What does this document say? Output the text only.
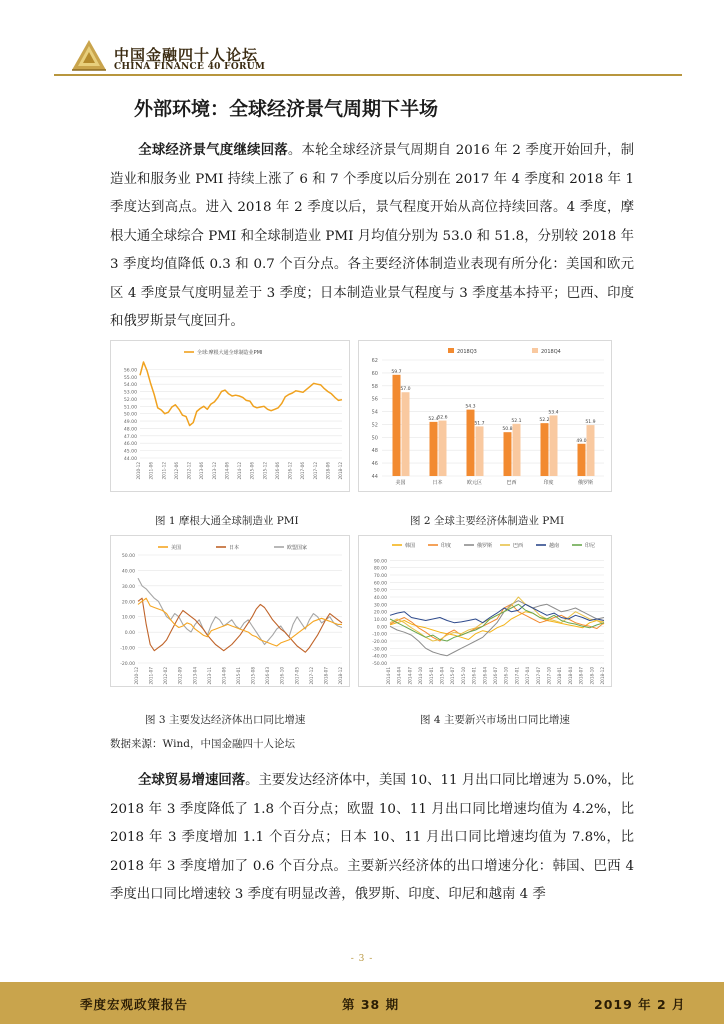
中国金融四十人论坛
CHINA FINANCE 40 FORUM
外部环境：全球经济景气周期下半场
全球经济景气度继续回落。本轮全球经济景气周期自 2016 年 2 季度开始回升，制造业和服务业 PMI 持续上涨了 6 和 7 个季度以后分别在 2017 年 4 季度和 2018 年 1 季度达到高点。进入 2018 年 2 季度以后，景气程度开始从高位持续回落。4 季度，摩根大通全球综合 PMI 和全球制造业 PMI 月均值分别为 53.0 和 51.8，分别较 2018 年 3 季度均值降低 0.3 和 0.7 个百分点。各主要经济体制造业表现有所分化：美国和欧元区 4 季度景气度明显差于 3 季度；日本制造业景气程度与 3 季度基本持平；巴西、印度和俄罗斯景气度回升。
56.00
55.00
54.00
53.00
52.00
51.00
50.00
49.00
48.00
47.00
46.00
45.00
44.00
2010-12 2011-06 2011-12 2012-06 2012-12 2013-06 2013-12 2014-06 2014-12 2015-06 2015-12 2016-06 2016-12 2017-06 2017-12 2018-06 2018-12
全球:摩根大通全球制造业PMI
62
60
58
56
54
52
50
48
46
44
2018Q3	2018Q4
59.7
57.0
美国
52.4
52.6
日本
54.3
51.7
欧元区
50.8
52.1
巴西
52.2
53.4
印度
49.0
51.9
俄罗斯
图 1 摩根大通全球制造业 PMI	图 2 全球主要经济体制造业 PMI
50.00
40.00
30.00
20.00
10.00
0.00
-10.00
-20.00
2010-12 2011-07 2012-02 2012-09 2013-04 2013-11 2014-06 2015-01 2015-08 2016-03 2016-10 2017-05 2017-12 2018-07 2018-12
美国	日本	欧盟国家
90.00
80.00
70.00
60.00
50.00
40.00
30.00
20.00
10.00
0.00
-10.00
-20.00
-30.00
-40.00
-50.00
2014-01 2014-04 2014-07 2014-10 2015-01 2015-04 2015-07 2015-10 2016-01 2016-04 2016-07 2016-10 2017-01 2017-04 2017-07 2017-10 2018-01 2018-04 2018-07 2018-10 2018-12
韩国	印度	俄罗斯	巴西	越南	印尼
图 3 主要发达经济体出口同比增速	图 4 主要新兴市场出口同比增速
数据来源：Wind，中国金融四十人论坛
全球贸易增速回落。主要发达经济体中，美国 10、11 月出口同比增速为 5.0%，比 2018 年 3 季度降低了 1.8 个百分点；欧盟 10、11 月出口同比增速均值为 4.2%，比 2018 年 3 季度增加 1.1 个百分点；日本 10、11 月出口同比增速均值为 7.8%，比 2018 年 3 季度增加了 0.6 个百分点。主要新兴经济体的出口增速分化：韩国、巴西 4 季度出口同比增速较 3 季度有明显改善，俄罗斯、印度、印尼和越南 4 季
- 3 -
季度宏观政策报告	第 38 期	2019 年 2 月
